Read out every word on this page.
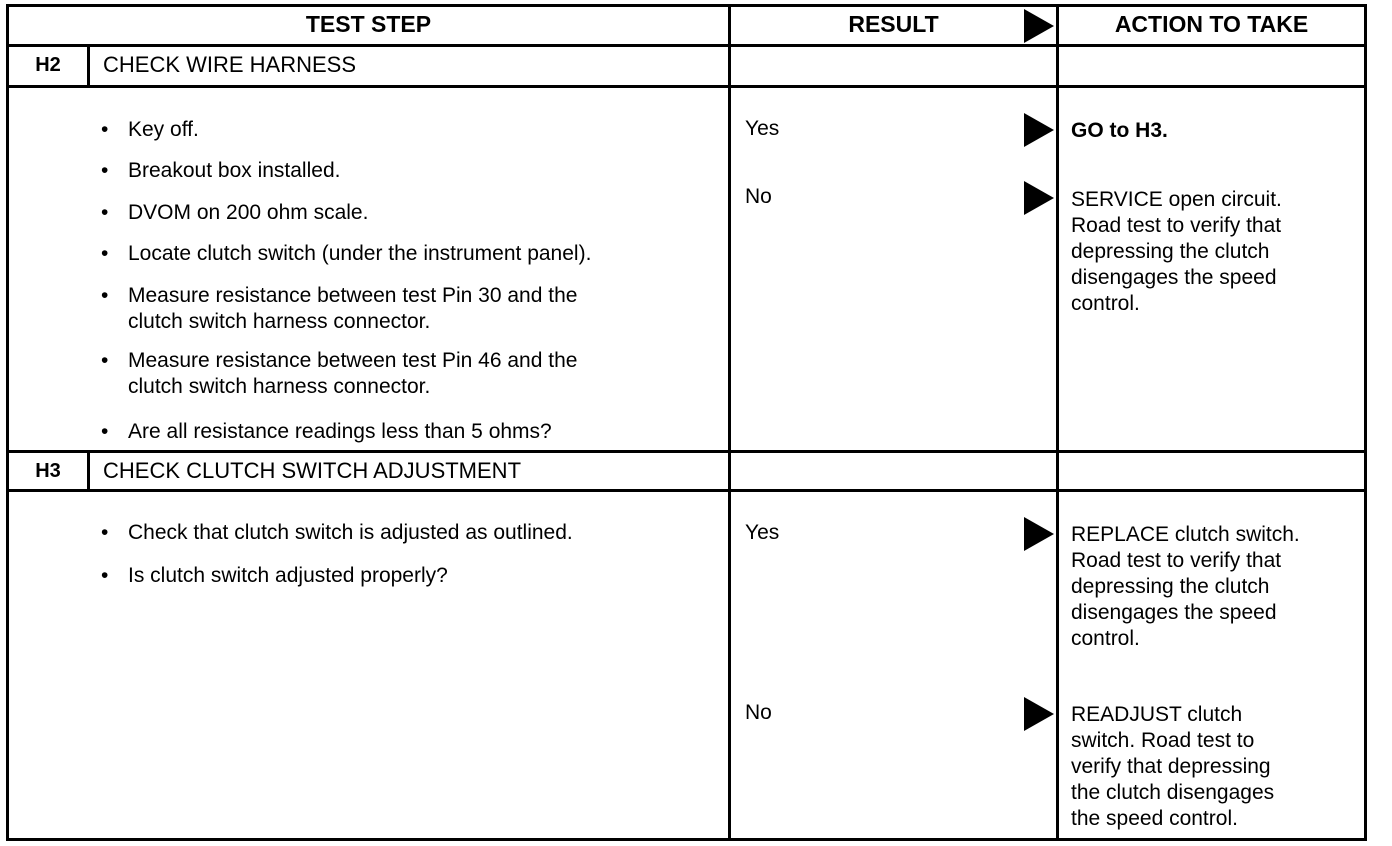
TEST STEP	RESULT	ACTION TO TAKE
H2	CHECK WIRE HARNESS
• Key off.
• Breakout box installed.
• DVOM on 200 ohm scale.
• Locate clutch switch (under the instrument panel).
• Measure resistance between test Pin 30 and the
clutch switch harness connector.
• Measure resistance between test Pin 46 and the
clutch switch harness connector.
• Are all resistance readings less than 5 ohms?
Yes	GO to H3.
No	SERVICE open circuit.
Road test to verify that
depressing the clutch
disengages the speed
control.
H3	CHECK CLUTCH SWITCH ADJUSTMENT
• Check that clutch switch is adjusted as outlined.
• Is clutch switch adjusted properly?
Yes	REPLACE clutch switch.
Road test to verify that
depressing the clutch
disengages the speed
control.
No	READJUST clutch
switch. Road test to
verify that depressing
the clutch disengages
the speed control.
